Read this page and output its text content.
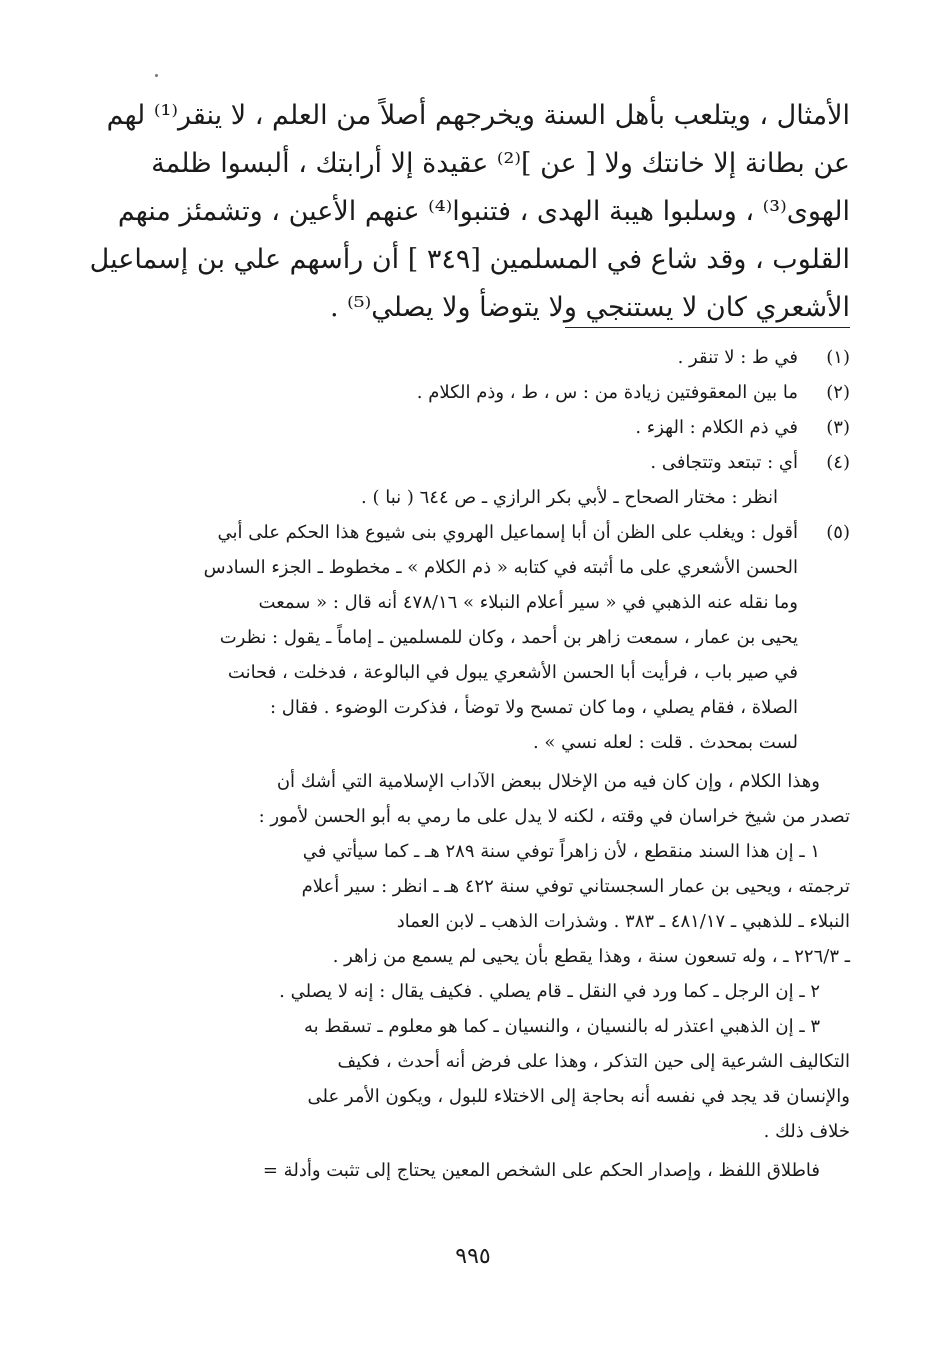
الأمثال ، ويتلعب بأهل السنة ويخرجهم أصلاً من العلم ، لا ينقر⁽¹⁾ لهم
عن بطانة إلا خانتك ولا [ عن ]⁽²⁾ عقيدة إلا أرابتك ، ألبسوا ظلمة
الهوى⁽³⁾ ، وسلبوا هيبة الهدى ، فتنبوا⁽⁴⁾ عنهم الأعين ، وتشمئز منهم
القلوب ، وقد شاع في المسلمين [٣٤٩ ] أن رأسهم علي بن إسماعيل
الأشعري كان لا يستنجي ولا يتوضأ ولا يصلي⁽⁵⁾ .
(١)
في ط : لا تنقر .
(٢)
ما بين المعقوفتين زيادة من : س ، ط ، وذم الكلام .
(٣)
في ذم الكلام : الهزء .
(٤)
أي : تبتعد وتتجافى .
انظر : مختار الصحاح ـ لأبي بكر الرازي ـ ص ٦٤٤ ( نبا ) .
(٥)
أقول : ويغلب على الظن أن أبا إسماعيل الهروي بنى شيوع هذا الحكم على أبي
الحسن الأشعري على ما أثبته في كتابه « ذم الكلام » ـ مخطوط ـ الجزء السادس
وما نقله عنه الذهبي في « سير أعلام النبلاء » ٤٧٨/١٦ أنه قال : « سمعت
يحيى بن عمار ، سمعت زاهر بن أحمد ، وكان للمسلمين ـ إماماً ـ يقول : نظرت
في صير باب ، فرأيت أبا الحسن الأشعري يبول في البالوعة ، فدخلت ، فحانت
الصلاة ، فقام يصلي ، وما كان تمسح ولا توضأ ، فذكرت الوضوء . فقال :
لست بمحدث . قلت : لعله نسي » .
وهذا الكلام ، وإن كان فيه من الإخلال ببعض الآداب الإسلامية التي أشك أن
تصدر من شيخ خراسان في وقته ، لكنه لا يدل على ما رمي به أبو الحسن لأمور :
١ ـ إن هذا السند منقطع ، لأن زاهراً توفي سنة ٢٨٩ هـ ـ كما سيأتي في
ترجمته ، ويحيى بن عمار السجستاني توفي سنة ٤٢٢ هـ ـ انظر : سير أعلام
النبلاء ـ للذهبي ـ ٤٨١/١٧ ـ ٣٨٣ . وشذرات الذهب ـ لابن العماد
ـ ٢٢٦/٣ ـ ، وله تسعون سنة ، وهذا يقطع بأن يحيى لم يسمع من زاهر .
٢ ـ إن الرجل ـ كما ورد في النقل ـ قام يصلي . فكيف يقال : إنه لا يصلي .
٣ ـ إن الذهبي اعتذر له بالنسيان ، والنسيان ـ كما هو معلوم ـ تسقط به
التكاليف الشرعية إلى حين التذكر ، وهذا على فرض أنه أحدث ، فكيف
والإنسان قد يجد في نفسه أنه بحاجة إلى الاختلاء للبول ، ويكون الأمر على
خلاف ذلك .
فاطلاق اللفظ ، وإصدار الحكم على الشخص المعين يحتاج إلى تثبت وأدلة =
٩٩٥
